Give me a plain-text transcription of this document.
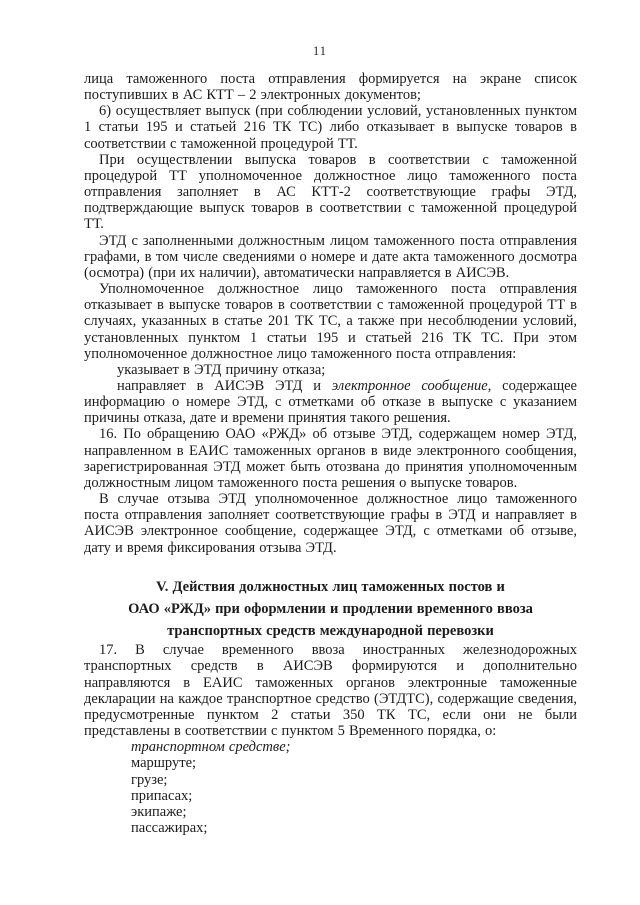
11

лица таможенного поста отправления формируется на экране список поступивших в АС КТТ – 2 электронных документов;

6) осуществляет выпуск (при соблюдении условий, установленных пунктом 1 статьи 195 и статьей 216 ТК ТС) либо отказывает в выпуске товаров в соответствии с таможенной процедурой ТТ.

При осуществлении выпуска товаров в соответствии с таможенной процедурой ТТ уполномоченное должностное лицо таможенного поста отправления заполняет в АС КТТ-2 соответствующие графы ЭТД, подтверждающие выпуск товаров в соответствии с таможенной процедурой ТТ.

ЭТД с заполненными должностным лицом таможенного поста отправления графами, в том числе сведениями о номере и дате акта таможенного досмотра (осмотра) (при их наличии), автоматически направляется в АИСЭВ.

Уполномоченное должностное лицо таможенного поста отправления отказывает в выпуске товаров в соответствии с таможенной процедурой ТТ в случаях, указанных в статье 201 ТК ТС, а также при несоблюдении условий, установленных пунктом 1 статьи 195 и статьей 216 ТК ТС. При этом уполномоченное должностное лицо таможенного поста отправления:

указывает в ЭТД причину отказа;

направляет в АИСЭВ ЭТД и электронное сообщение, содержащее информацию о номере ЭТД, с отметками об отказе в выпуске с указанием причины отказа, дате и времени принятия такого решения.

16. По обращению ОАО «РЖД» об отзыве ЭТД, содержащем номер ЭТД, направленном в ЕАИС таможенных органов в виде электронного сообщения, зарегистрированная ЭТД может быть отозвана до принятия уполномоченным должностным лицом таможенного поста решения о выпуске товаров.

В случае отзыва ЭТД уполномоченное должностное лицо таможенного поста отправления заполняет соответствующие графы в ЭТД и направляет в АИСЭВ электронное сообщение, содержащее ЭТД, с отметками об отзыве, дату и время фиксирования отзыва ЭТД.

V. Действия должностных лиц таможенных постов и
ОАО «РЖД» при оформлении и продлении временного ввоза
транспортных средств международной перевозки

17. В случае временного ввоза иностранных железнодорожных транспортных средств в АИСЭВ формируются и дополнительно направляются в ЕАИС таможенных органов электронные таможенные декларации на каждое транспортное средство (ЭТДТС), содержащие сведения, предусмотренные пунктом 2 статьи 350 ТК ТС, если они не были представлены в соответствии с пунктом 5 Временного порядка, о:

транспортном средстве;

маршруте;

грузе;

припасах;

экипаже;

пассажирах;
